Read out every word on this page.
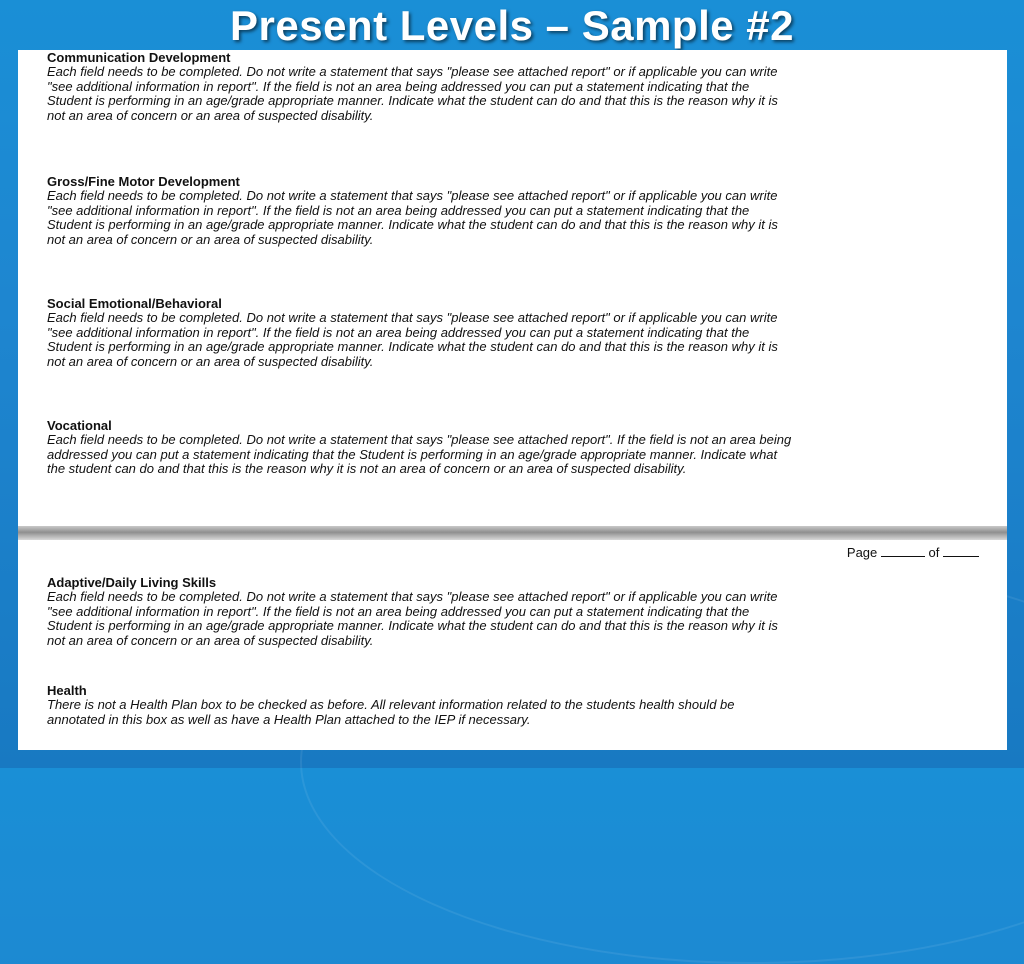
Present Levels – Sample #2

Communication Development

Each field needs to be completed. Do not write a statement that says "please see attached report" or if applicable you can write
"see additional information in report". If the field is not an area being addressed you can put a statement indicating that the
Student is performing in an age/grade appropriate manner. Indicate what the student can do and that this is the reason why it is
not an area of concern or an area of suspected disability.

Gross/Fine Motor Development

Each field needs to be completed. Do not write a statement that says "please see attached report" or if applicable you can write
"see additional information in report". If the field is not an area being addressed you can put a statement indicating that the
Student is performing in an age/grade appropriate manner. Indicate what the student can do and that this is the reason why it is
not an area of concern or an area of suspected disability.

Social Emotional/Behavioral

Each field needs to be completed. Do not write a statement that says "please see attached report" or if applicable you can write
"see additional information in report". If the field is not an area being addressed you can put a statement indicating that the
Student is performing in an age/grade appropriate manner. Indicate what the student can do and that this is the reason why it is
not an area of concern or an area of suspected disability.

Vocational

Each field needs to be completed. Do not write a statement that says "please see attached report". If the field is not an area being
addressed you can put a statement indicating that the Student is performing in an age/grade appropriate manner. Indicate what
the student can do and that this is the reason why it is not an area of concern or an area of suspected disability.

Page	of

Adaptive/Daily Living Skills

Each field needs to be completed. Do not write a statement that says "please see attached report" or if applicable you can write
"see additional information in report". If the field is not an area being addressed you can put a statement indicating that the
Student is performing in an age/grade appropriate manner. Indicate what the student can do and that this is the reason why it is
not an area of concern or an area of suspected disability.

Health

There is not a Health Plan box to be checked as before. All relevant information related to the students health should be
annotated in this box as well as have a Health Plan attached to the IEP if necessary.
